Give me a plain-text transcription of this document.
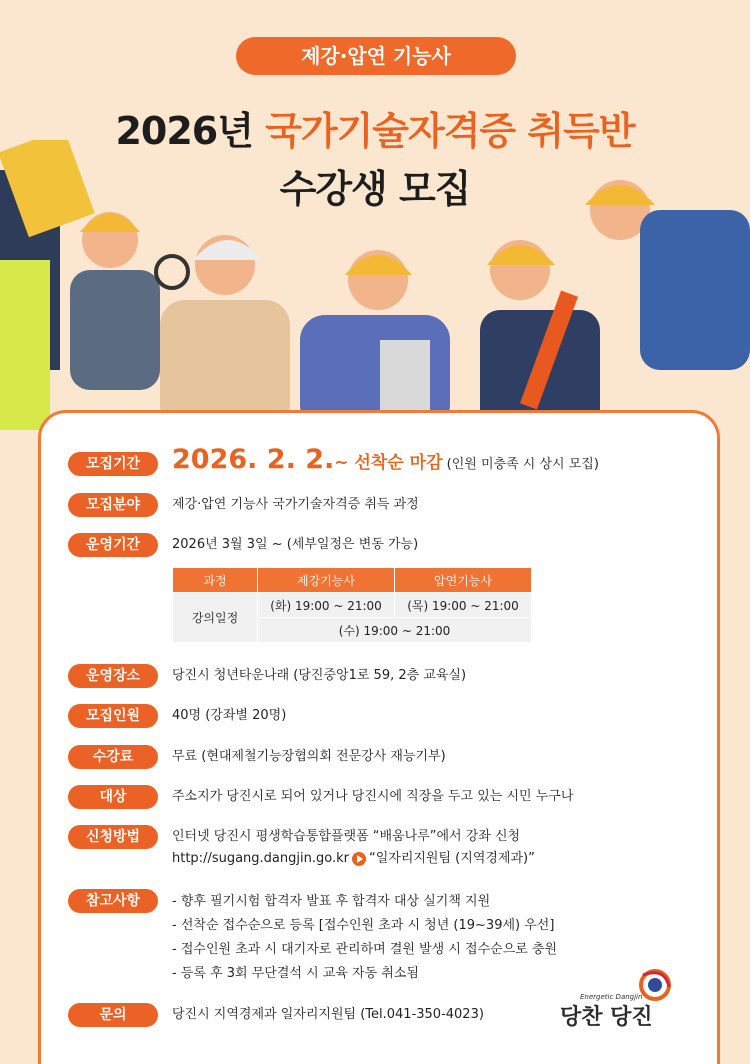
제강·압연 기능사
2026년 국가기술자격증 취득반
수강생 모집
모집기간	2026. 2. 2.~ 선착순 마감 (인원 미충족 시 상시 모집)
모집분야	제강·압연 기능사 국가기술자격증 취득 과정
운영기간	2026년 3월 3일 ~ (세부일정은 변동 가능)
과정	제강기능사	압연기능사
강의일정	(화) 19:00 ~ 21:00	(목) 19:00 ~ 21:00
	(수) 19:00 ~ 21:00	
운영장소	당진시 청년타운나래 (당진중앙1로 59, 2층 교육실)
모집인원	40명 (강좌별 20명)
수강료	무료 (현대제철기능장협의회 전문강사 재능기부)
대상	주소지가 당진시로 되어 있거나 당진시에 직장을 두고 있는 시민 누구나
신청방법	인터넷 당진시 평생학습통합플랫폼 “배움나루”에서 강좌 신청
http://sugang.dangjin.go.kr “일자리지원팀 (지역경제과)”
참고사항	- 향후 필기시험 합격자 발표 후 합격자 대상 실기책 지원
- 선착순 접수순으로 등록 [접수인원 초과 시 청년 (19~39세) 우선]
- 접수인원 초과 시 대기자로 관리하며 결원 발생 시 접수순으로 충원
- 등록 후 3회 무단결석 시 교육 자동 취소됨
문의	당진시 지역경제과 일자리지원팀 (Tel.041-350-4023)
Energetic Dangjin
당찬 당진
